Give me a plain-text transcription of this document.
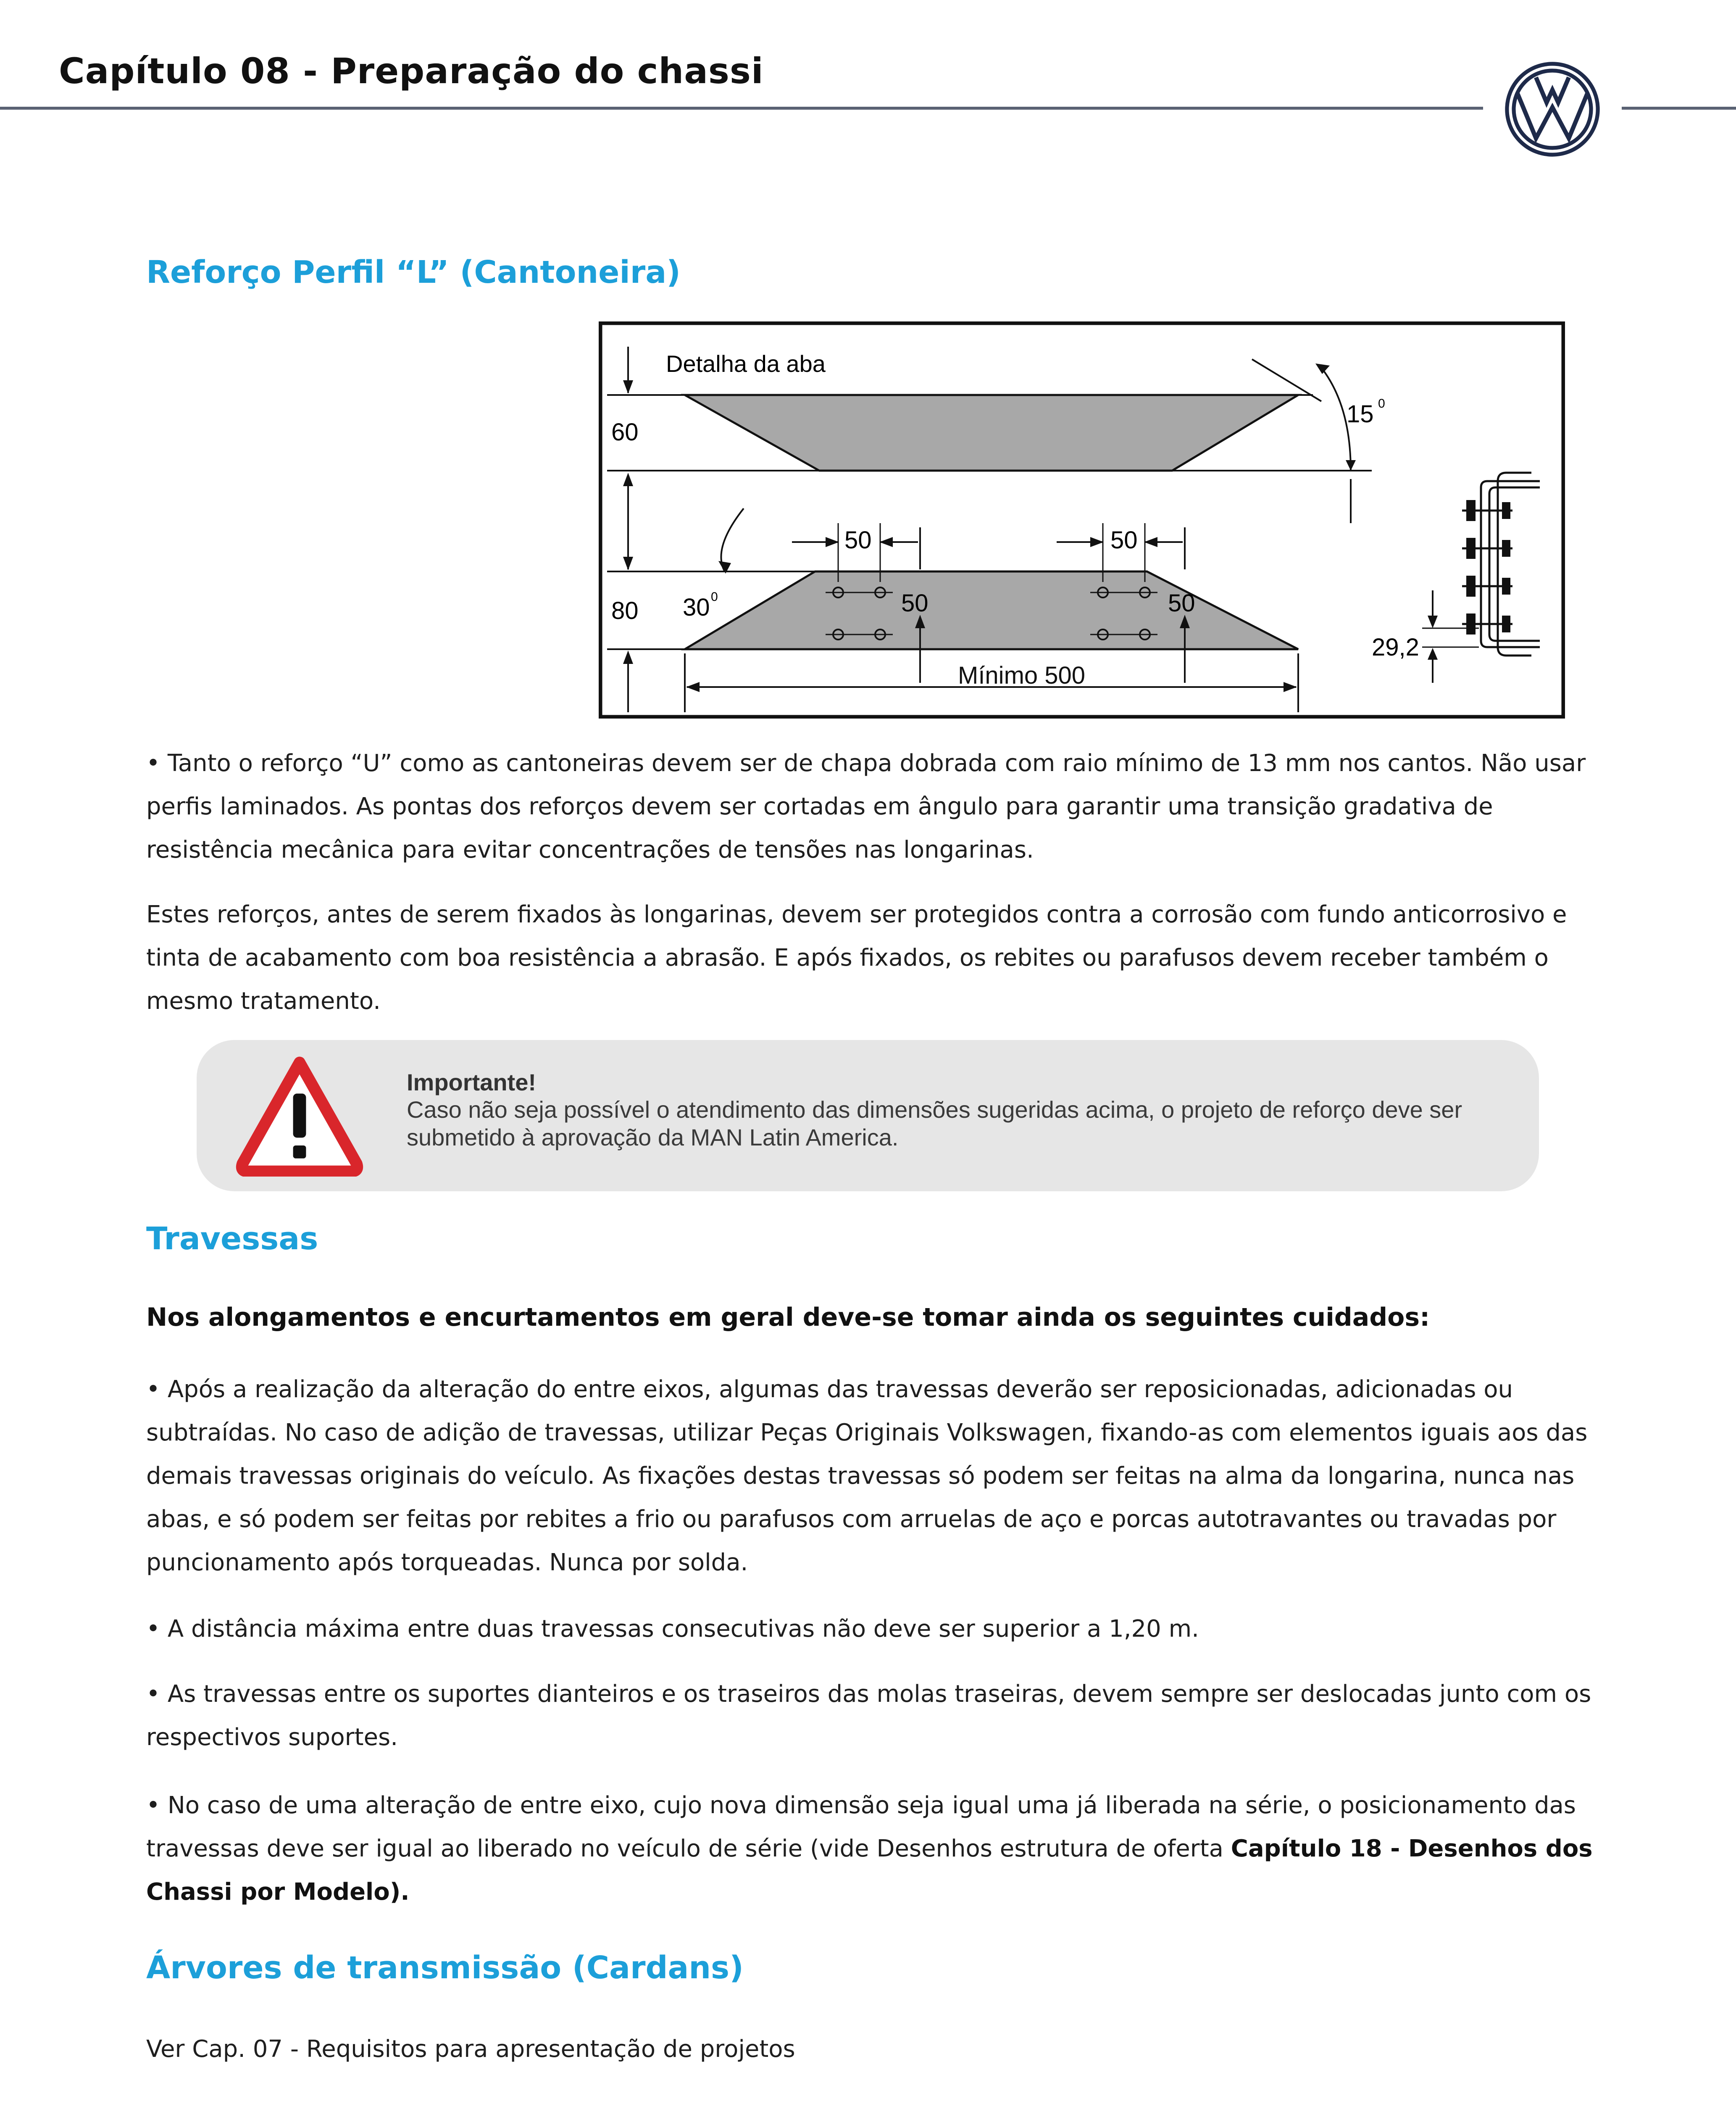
Capítulo 08 - Preparação do chassi
Reforço Perfil “L” (Cantoneira)
60
Detalha da aba
15 0
80 30 0
50	50
50	50
Mínimo 500
29,2
• Tanto o reforço “U” como as cantoneiras devem ser de chapa dobrada com raio mínimo de 13 mm nos cantos. Não usar perfis laminados. As pontas dos reforços devem ser cortadas em ângulo para garantir uma transição gradativa de resistência mecânica para evitar concentrações de tensões nas longarinas.
Estes reforços, antes de serem fixados às longarinas, devem ser protegidos contra a corrosão com fundo anticorrosivo e tinta de acabamento com boa resistência a abrasão. E após fixados, os rebites ou parafusos devem receber também o mesmo tratamento.
Importante!
Caso não seja possível o atendimento das dimensões sugeridas acima, o projeto de reforço deve ser submetido à aprovação da MAN Latin America.
Travessas
Nos alongamentos e encurtamentos em geral deve-se tomar ainda os seguintes cuidados:
• Após a realização da alteração do entre eixos, algumas das travessas deverão ser reposicionadas, adicionadas ou subtraídas. No caso de adição de travessas, utilizar Peças Originais Volkswagen, fixando-as com elementos iguais aos das demais travessas originais do veículo. As fixações destas travessas só podem ser feitas na alma da longarina, nunca nas abas, e só podem ser feitas por rebites a frio ou parafusos com arruelas de aço e porcas autotravantes ou travadas por puncionamento após torqueadas. Nunca por solda.
• A distância máxima entre duas travessas consecutivas não deve ser superior a 1,20 m.
• As travessas entre os suportes dianteiros e os traseiros das molas traseiras, devem sempre ser deslocadas junto com os respectivos suportes.
• No caso de uma alteração de entre eixo, cujo nova dimensão seja igual uma já liberada na série, o posicionamento das travessas deve ser igual ao liberado no veículo de série (vide Desenhos estrutura de oferta Capítulo 18 - Desenhos dos Chassi por Modelo).
Árvores de transmissão (Cardans)
Ver Cap. 07 - Requisitos para apresentação de projetos
